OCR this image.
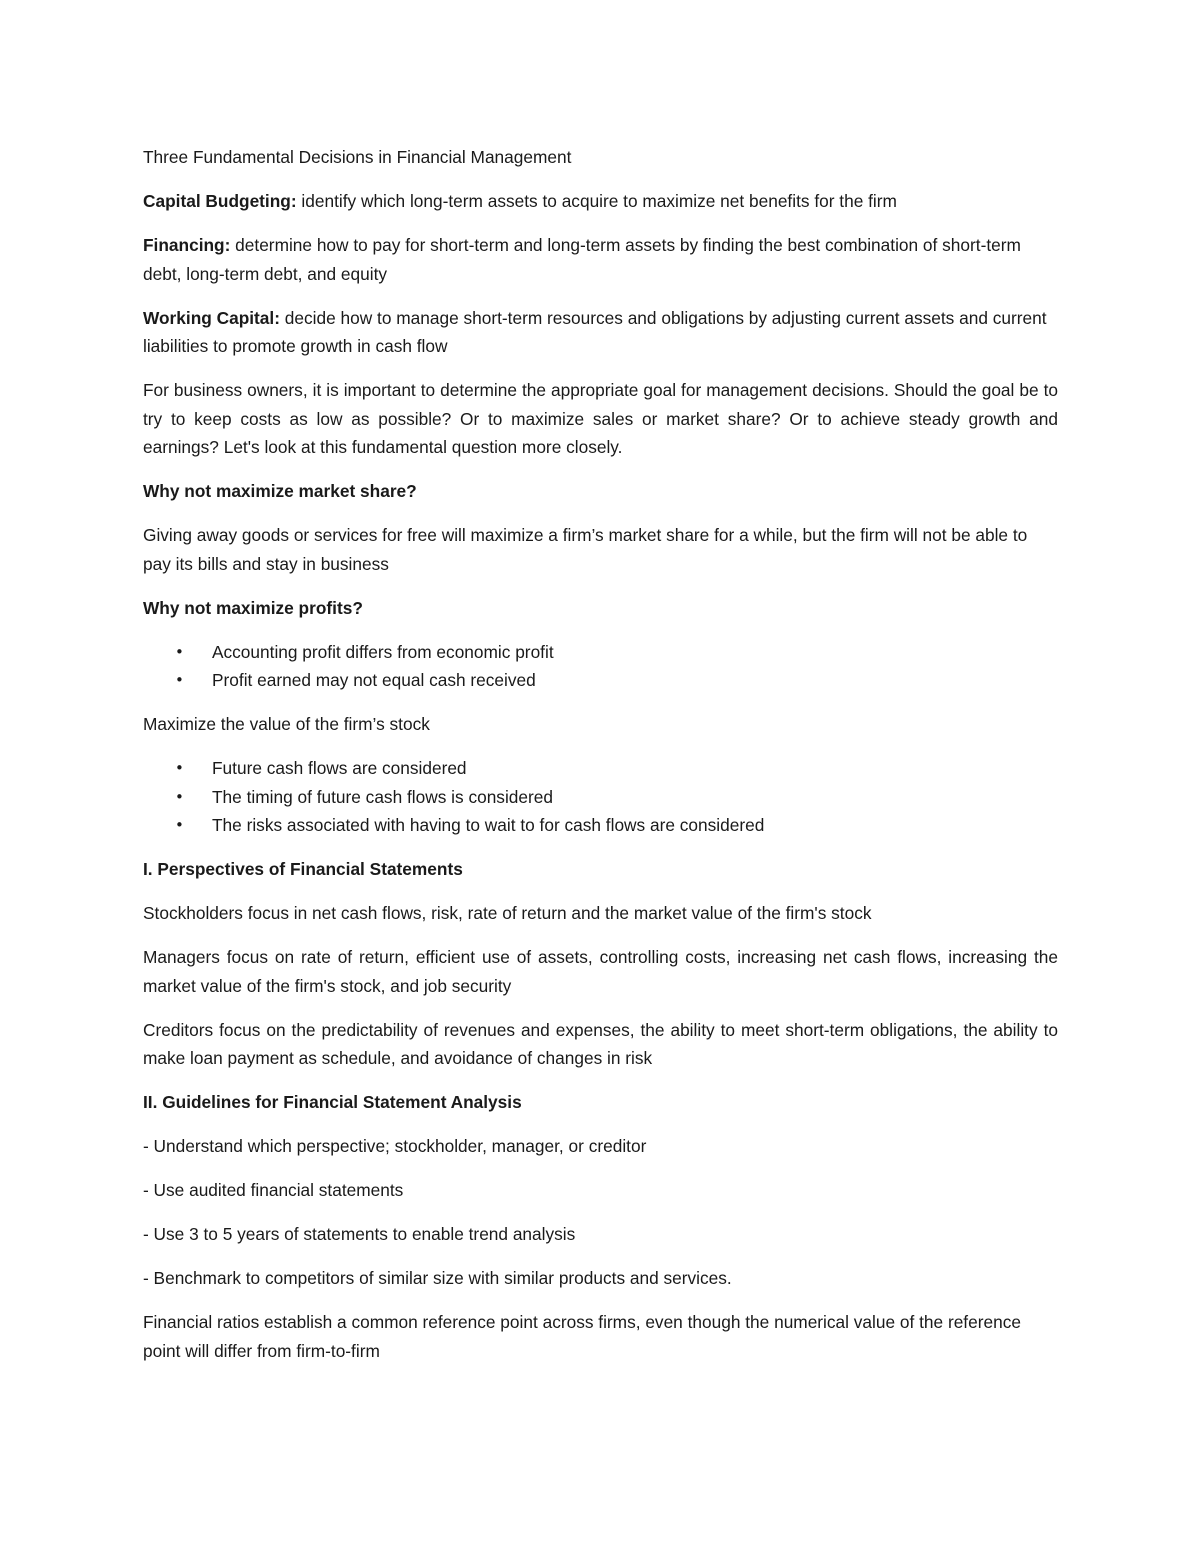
Three Fundamental Decisions in Financial Management

Capital Budgeting: identify which long-term assets to acquire to maximize net benefits for the firm

Financing: determine how to pay for short-term and long-term assets by finding the best combination of short-term debt, long-term debt, and equity

Working Capital: decide how to manage short-term resources and obligations by adjusting current assets and current liabilities to promote growth in cash flow

For business owners, it is important to determine the appropriate goal for management decisions. Should the goal be to try to keep costs as low as possible? Or to maximize sales or market share? Or to achieve steady growth and earnings? Let's look at this fundamental question more closely.

Why not maximize market share?

Giving away goods or services for free will maximize a firm’s market share for a while, but the firm will not be able to pay its bills and stay in business

Why not maximize profits?

• Accounting profit differs from economic profit
• Profit earned may not equal cash received

Maximize the value of the firm’s stock

• Future cash flows are considered
• The timing of future cash flows is considered
• The risks associated with having to wait to for cash flows are considered

I. Perspectives of Financial Statements

Stockholders focus in net cash flows, risk, rate of return and the market value of the firm's stock

Managers focus on rate of return, efficient use of assets, controlling costs, increasing net cash flows, increasing the market value of the firm's stock, and job security

Creditors focus on the predictability of revenues and expenses, the ability to meet short-term obligations, the ability to make loan payment as schedule, and avoidance of changes in risk

II. Guidelines for Financial Statement Analysis

- Understand which perspective; stockholder, manager, or creditor

- Use audited financial statements

- Use 3 to 5 years of statements to enable trend analysis

- Benchmark to competitors of similar size with similar products and services.

Financial ratios establish a common reference point across firms, even though the numerical value of the reference point will differ from firm-to-firm
